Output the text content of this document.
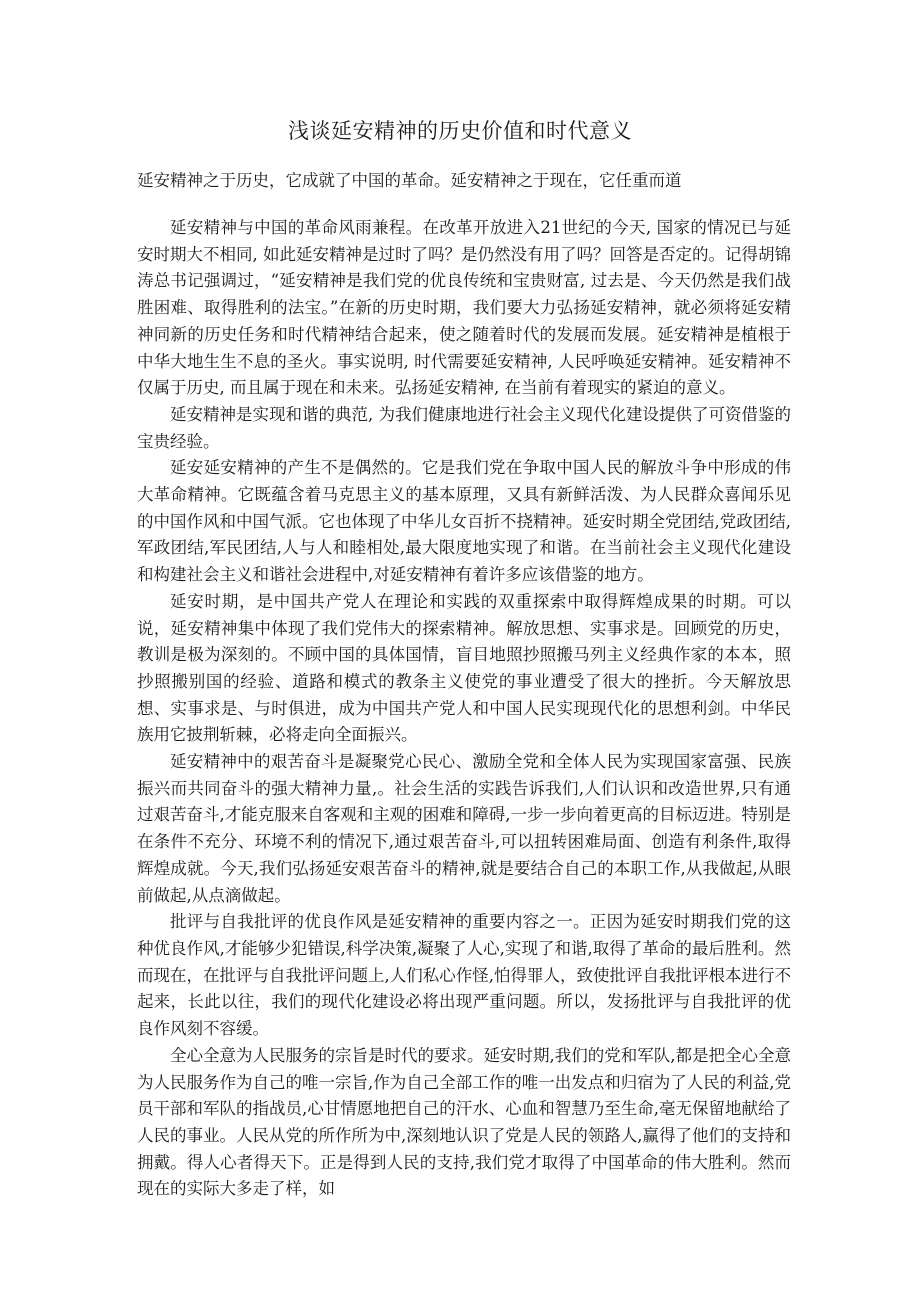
浅谈延安精神的历史价值和时代意义
延安精神之于历史，它成就了中国的革命。延安精神之于现在，它任重而道

延安精神与中国的革命风雨兼程。在改革开放进入21世纪的今天, 国家的情况已与延安时期大不相同, 如此延安精神是过时了吗？是仍然没有用了吗？回答是否定的。记得胡锦涛总书记强调过，“延安精神是我们党的优良传统和宝贵财富, 过去是、今天仍然是我们战胜困难、取得胜利的法宝。”在新的历史时期，我们要大力弘扬延安精神，就必须将延安精神同新的历史任务和时代精神结合起来，使之随着时代的发展而发展。延安精神是植根于中华大地生生不息的圣火。事实说明, 时代需要延安精神, 人民呼唤延安精神。延安精神不仅属于历史, 而且属于现在和未来。弘扬延安精神, 在当前有着现实的紧迫的意义。

延安精神是实现和谐的典范, 为我们健康地进行社会主义现代化建设提供了可资借鉴的宝贵经验。

延安延安精神的产生不是偶然的。它是我们党在争取中国人民的解放斗争中形成的伟大革命精神。它既蕴含着马克思主义的基本原理，又具有新鲜活泼、为人民群众喜闻乐见的中国作风和中国气派。它也体现了中华儿女百折不挠精神。延安时期全党团结,党政团结,军政团结,军民团结,人与人和睦相处,最大限度地实现了和谐。在当前社会主义现代化建设和构建社会主义和谐社会进程中,对延安精神有着许多应该借鉴的地方。

延安时期，是中国共产党人在理论和实践的双重探索中取得辉煌成果的时期。可以说，延安精神集中体现了我们党伟大的探索精神。解放思想、实事求是。回顾党的历史，教训是极为深刻的。不顾中国的具体国情，盲目地照抄照搬马列主义经典作家的本本，照抄照搬别国的经验、道路和模式的教条主义使党的事业遭受了很大的挫折。今天解放思想、实事求是、与时俱进，成为中国共产党人和中国人民实现现代化的思想利剑。中华民族用它披荆斩棘，必将走向全面振兴。

延安精神中的艰苦奋斗是凝聚党心民心、激励全党和全体人民为实现国家富强、民族振兴而共同奋斗的强大精神力量,。社会生活的实践告诉我们,人们认识和改造世界,只有通过艰苦奋斗,才能克服来自客观和主观的困难和障碍,一步一步向着更高的目标迈进。特别是在条件不充分、环境不利的情况下,通过艰苦奋斗,可以扭转困难局面、创造有利条件,取得辉煌成就。今天,我们弘扬延安艰苦奋斗的精神,就是要结合自己的本职工作,从我做起,从眼前做起,从点滴做起。

批评与自我批评的优良作风是延安精神的重要内容之一。正因为延安时期我们党的这种优良作风,才能够少犯错误,科学决策,凝聚了人心,实现了和谐,取得了革命的最后胜利。然而现在，在批评与自我批评问题上,人们私心作怪,怕得罪人，致使批评自我批评根本进行不起来，长此以往，我们的现代化建设必将出现严重问题。所以，发扬批评与自我批评的优良作风刻不容缓。

全心全意为人民服务的宗旨是时代的要求。延安时期,我们的党和军队,都是把全心全意为人民服务作为自己的唯一宗旨,作为自己全部工作的唯一出发点和归宿为了人民的利益,党员干部和军队的指战员,心甘情愿地把自己的汗水、心血和智慧乃至生命,毫无保留地献给了人民的事业。人民从党的所作所为中,深刻地认识了党是人民的领路人,赢得了他们的支持和拥戴。得人心者得天下。正是得到人民的支持,我们党才取得了中国革命的伟大胜利。然而现在的实际大多走了样，如
